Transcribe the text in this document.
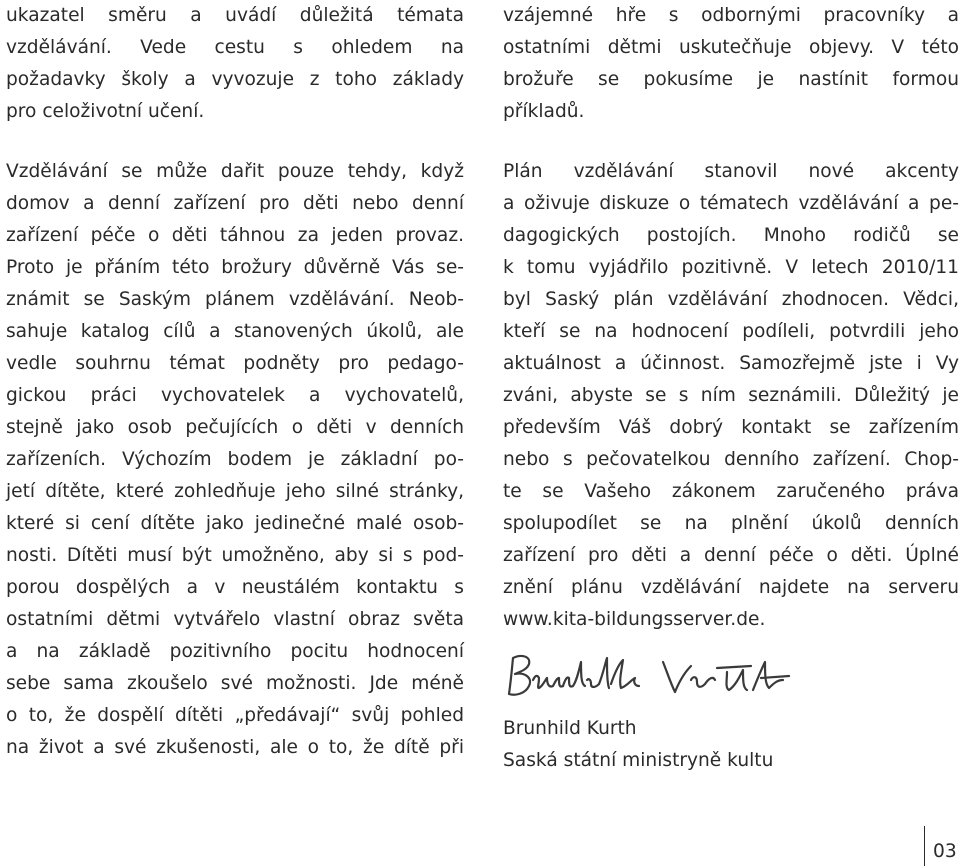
ukazatel směru a uvádí důležitá témata
vzdělávání. Vede cestu s ohledem na
požadavky školy a vyvozuje z toho základy
pro celoživotní učení.
Vzdělávání se může dařit pouze tehdy, když
domov a denní zařízení pro děti nebo denní
zařízení péče o děti táhnou za jeden provaz.
Proto je přáním této brožury důvěrně Vás se-
známit se Saským plánem vzdělávání. Neob-
sahuje katalog cílů a stanovených úkolů, ale
vedle souhrnu témat podněty pro pedago-
gickou práci vychovatelek a vychovatelů,
stejně jako osob pečujících o děti v denních
zařízeních. Výchozím bodem je základní po-
jetí dítěte, které zohledňuje jeho silné stránky,
které si cení dítěte jako jedinečné malé osob-
nosti. Dítěti musí být umožněno, aby si s pod-
porou dospělých a v neustálém kontaktu s
ostatními dětmi vytvářelo vlastní obraz světa
a na základě pozitivního pocitu hodnocení
sebe sama zkoušelo své možnosti. Jde méně
o to, že dospělí dítěti „předávají“ svůj pohled
na život a své zkušenosti, ale o to, že dítě při
vzájemné hře s odbornými pracovníky a
ostatními dětmi uskutečňuje objevy. V této
brožuře se pokusíme je nastínit formou
příkladů.
Plán vzdělávání stanovil nové akcenty
a oživuje diskuze o tématech vzdělávání a pe-
dagogických postojích. Mnoho rodičů se
k tomu vyjádřilo pozitivně. V letech 2010/11
byl Saský plán vzdělávání zhodnocen. Vědci,
kteří se na hodnocení podíleli, potvrdili jeho
aktuálnost a účinnost. Samozřejmě jste i Vy
zváni, abyste se s ním seznámili. Důležitý je
především Váš dobrý kontakt se zařízením
nebo s pečovatelkou denního zařízení. Chop-
te se Vašeho zákonem zaručeného práva
spolupodílet se na plnění úkolů denních
zařízení pro děti a denní péče o děti. Úplné
znění plánu vzdělávání najdete na serveru
www.kita-bildungsserver.de.
Brunhild Kurth
Saská státní ministryně kultu
03
